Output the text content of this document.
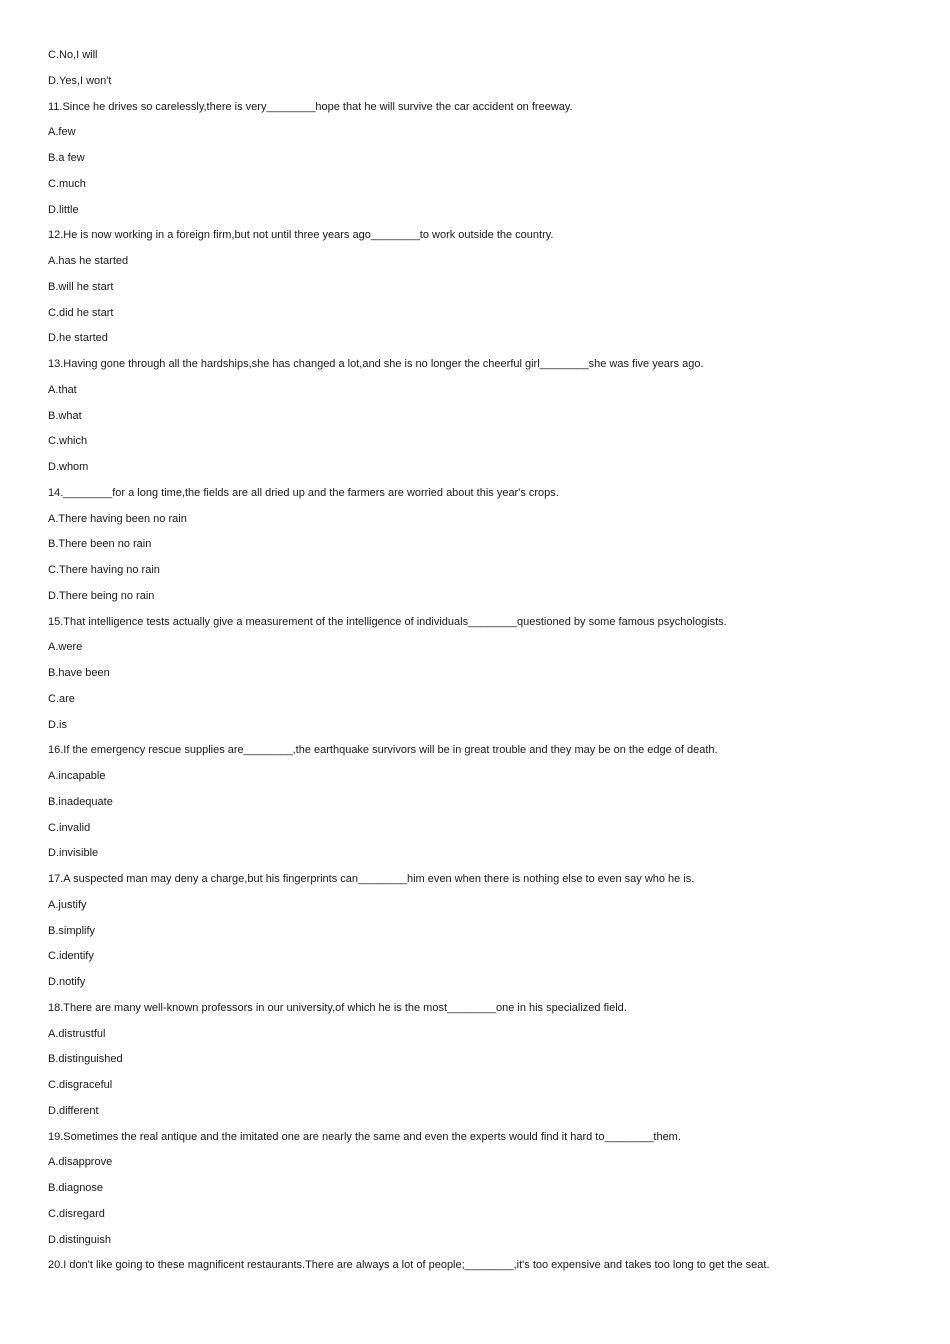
C.No,I will
D.Yes,I won't
11.Since he drives so carelessly,there is very________hope that he will survive the car accident on freeway.
A.few
B.a few
C.much
D.little
12.He is now working in a foreign firm,but not until three years ago________to work outside the country.
A.has he started
B.will he start
C.did he start
D.he started
13.Having gone through all the hardships,she has changed a lot,and she is no longer the cheerful girl________she was five years ago.
A.that
B.what
C.which
D.whom
14.________for a long time,the fields are all dried up and the farmers are worried about this year's crops.
A.There having been no rain
B.There been no rain
C.There having no rain
D.There being no rain
15.That intelligence tests actually give a measurement of the intelligence of individuals________questioned by some famous psychologists.
A.were
B.have been
C.are
D.is
16.If the emergency rescue supplies are________,the earthquake survivors will be in great trouble and they may be on the edge of death.
A.incapable
B.inadequate
C.invalid
D.invisible
17.A suspected man may deny a charge,but his fingerprints can________him even when there is nothing else to even say who he is.
A.justify
B.simplify
C.identify
D.notify
18.There are many well-known professors in our university,of which he is the most________one in his specialized field.
A.distrustful
B.distinguished
C.disgraceful
D.different
19.Sometimes the real antique and the imitated one are nearly the same and even the experts would find it hard to________them.
A.disapprove
B.diagnose
C.disregard
D.distinguish
20.I don't like going to these magnificent restaurants.There are always a lot of people;________,it's too expensive and takes too long to get the seat.
